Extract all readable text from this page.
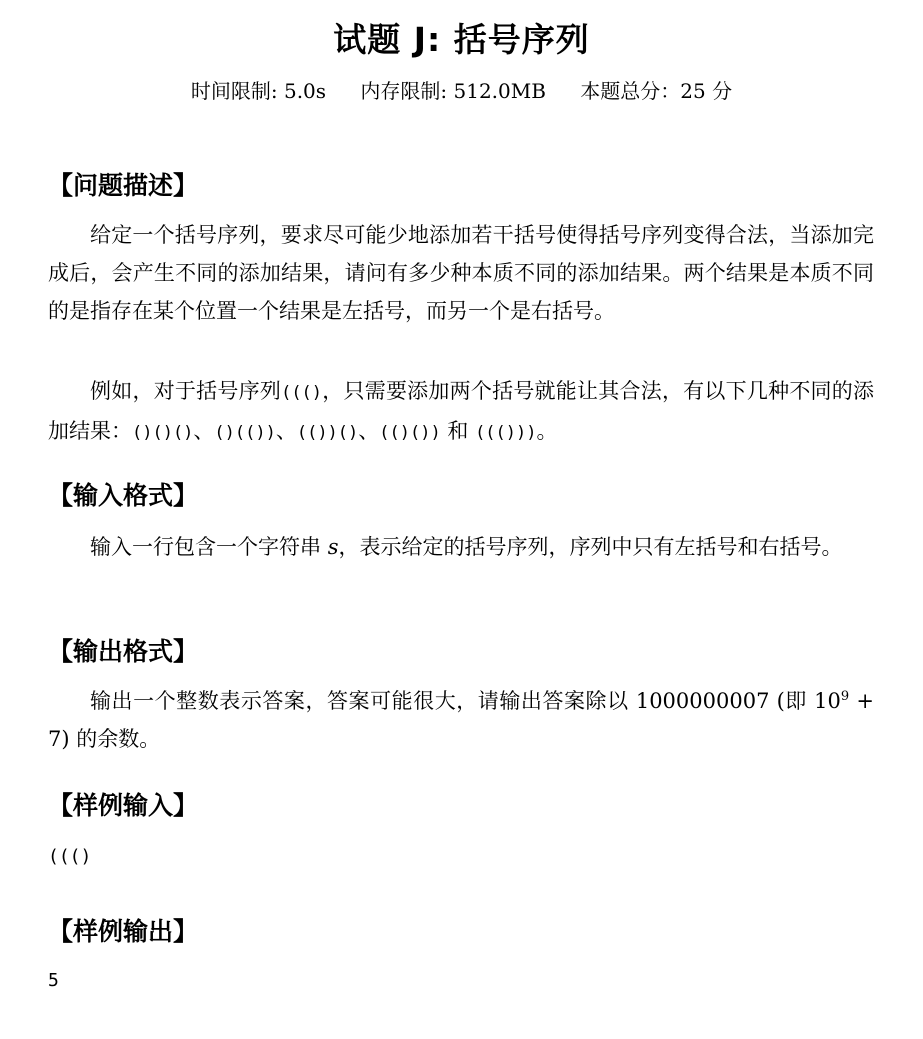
试题 J: 括号序列
时间限制: 5.0s 内存限制: 512.0MB 本题总分：25 分
【问题描述】

给定一个括号序列，要求尽可能少地添加若干括号使得括号序列变得合法，当添加完成后，会产生不同的添加结果，请问有多少种本质不同的添加结果。两个结果是本质不同的是指存在某个位置一个结果是左括号，而另一个是右括号。

例如，对于括号序列((()，只需要添加两个括号就能让其合法，有以下几种不同的添加结果：()()()、()(())、(())()、(()()) 和 ((()))。

【输入格式】

输入一行包含一个字符串 s，表示给定的括号序列，序列中只有左括号和右括号。

【输出格式】

输出一个整数表示答案，答案可能很大，请输出答案除以 1000000007 (即 $10^9 + 7$) 的余数。

【样例输入】
((()
【样例输出】
5
